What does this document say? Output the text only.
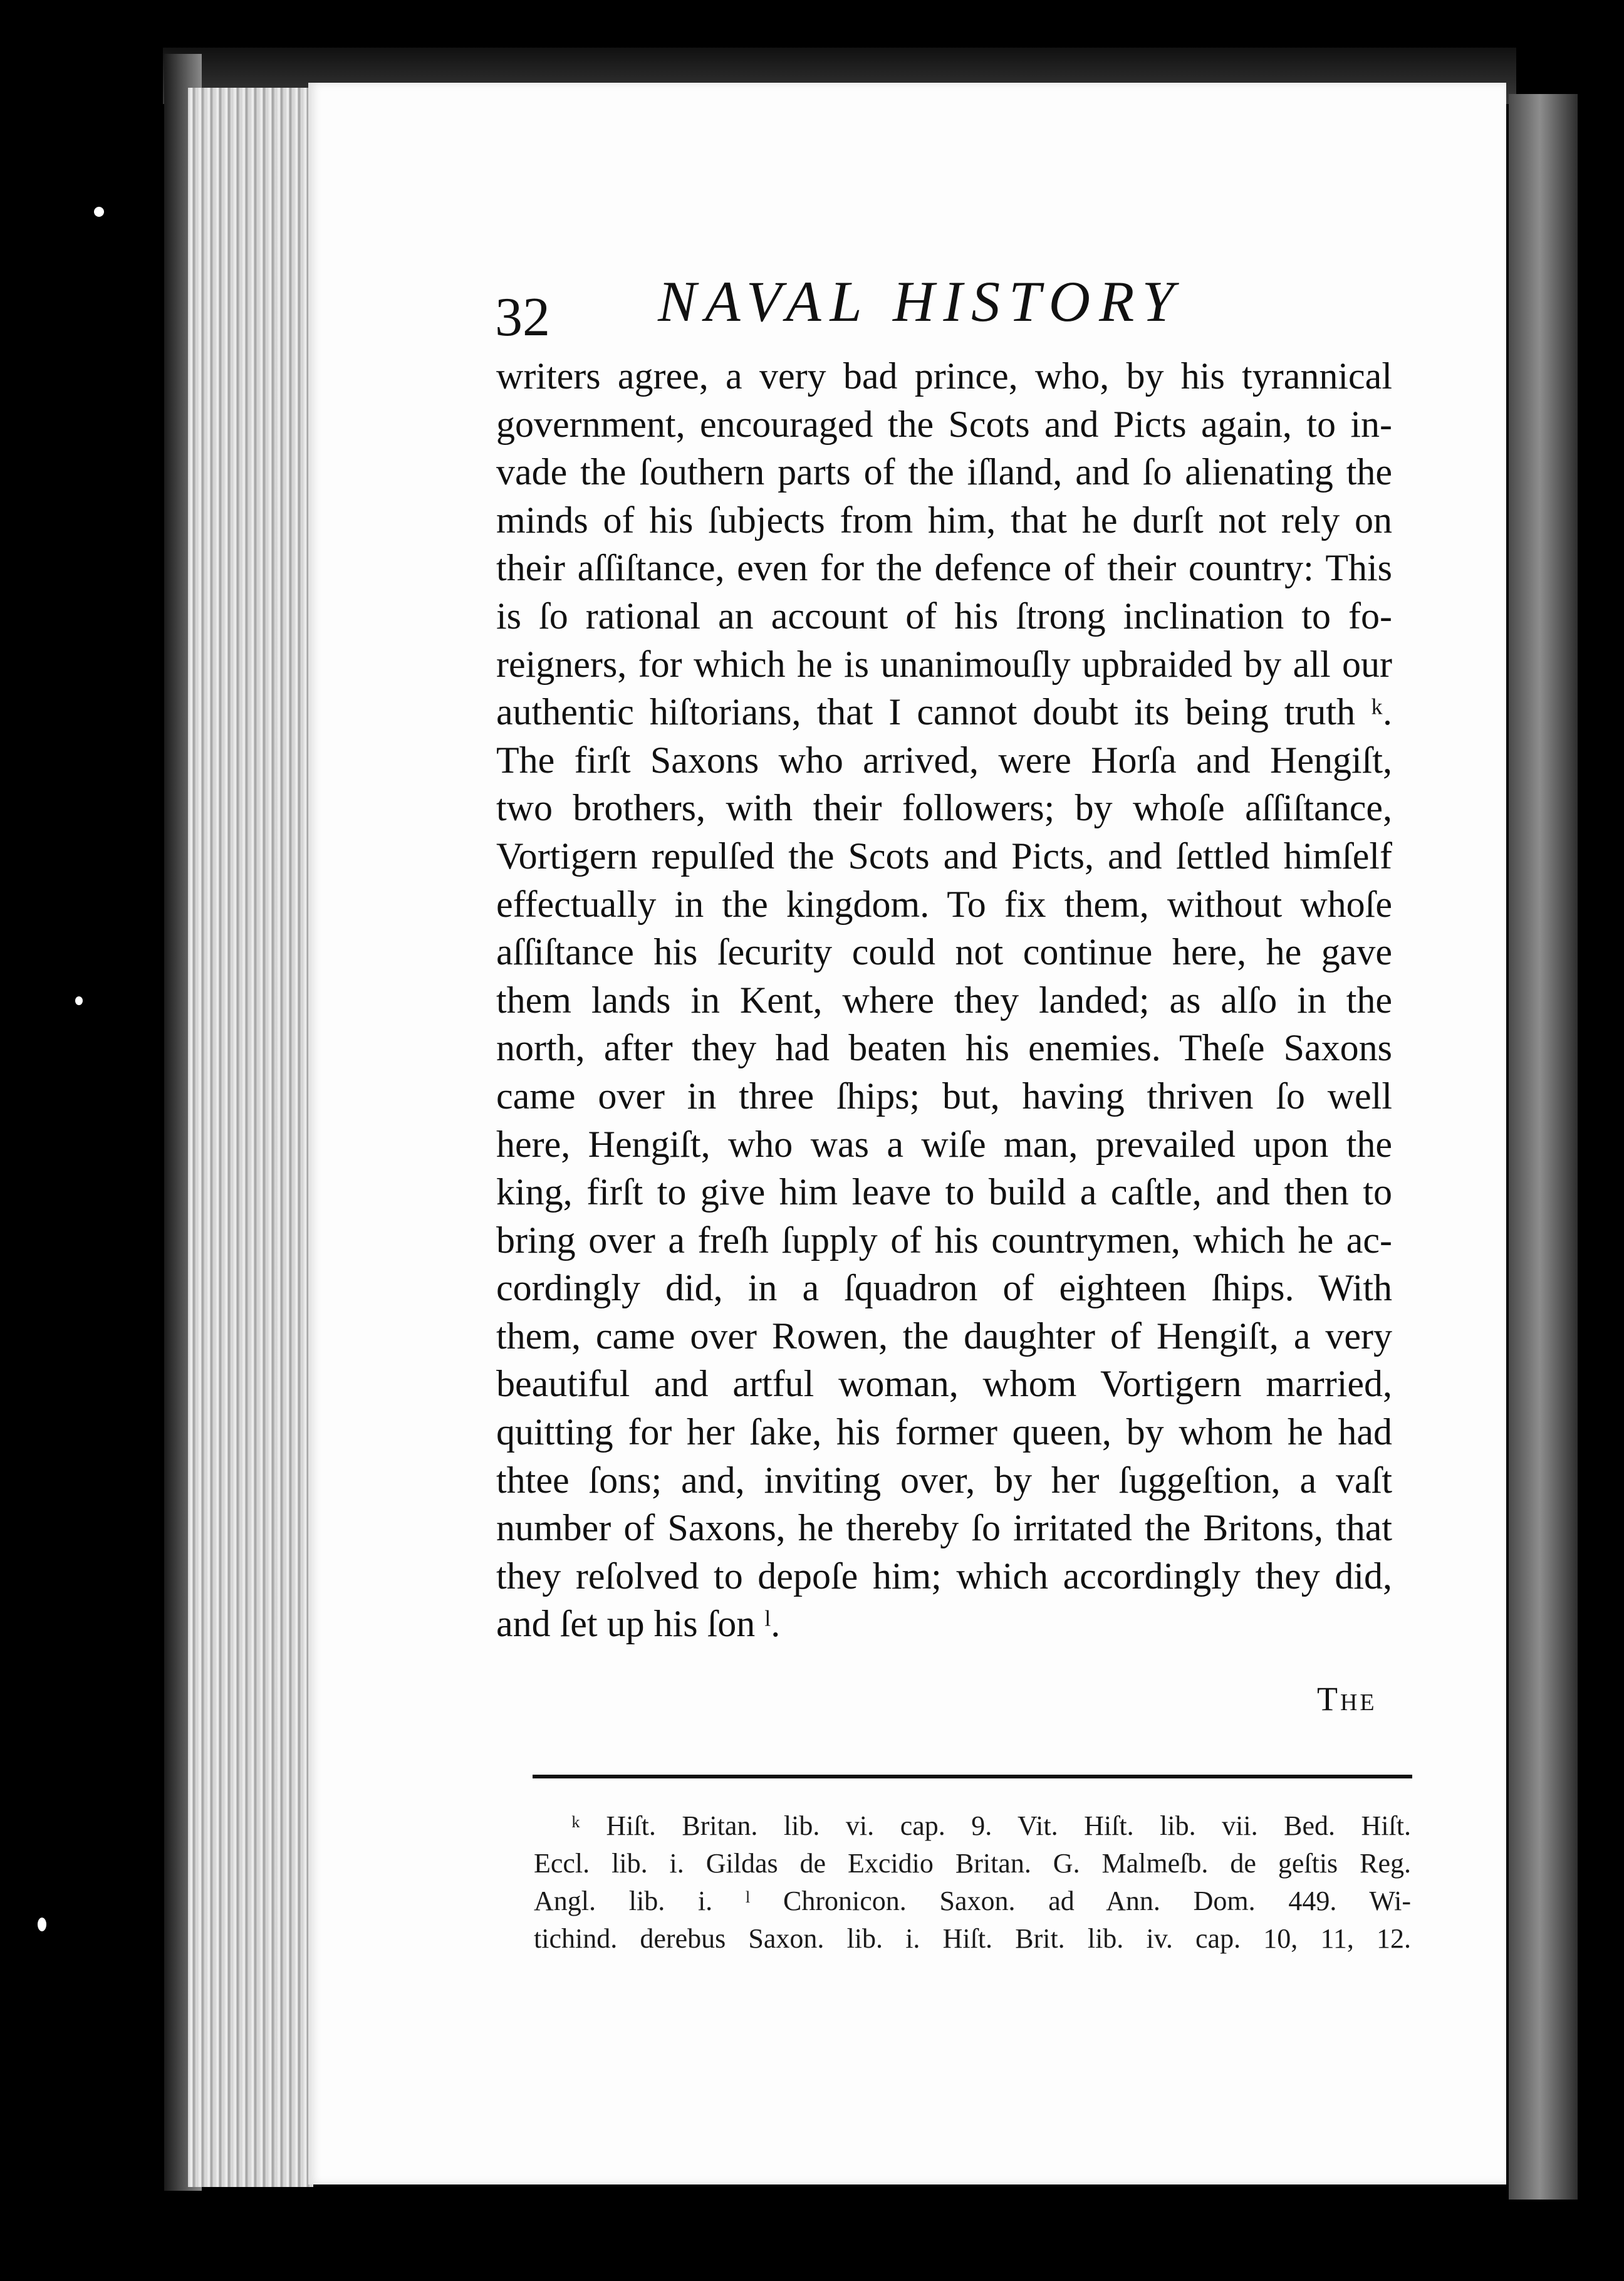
32 NAVAL HISTORY
writers agree, a very bad prince, who, by his tyrannical
government, encouraged the Scots and Picts again, to in-
vade the ſouthern parts of the iſland, and ſo alienating the
minds of his ſubjects from him, that he durſt not rely on
their aſſiſtance, even for the defence of their country: This
is ſo rational an account of his ſtrong inclination to fo-
reigners, for which he is unanimouſly upbraided by all our
authentic hiſtorians, that I cannot doubt its being truth ᵏ.
The firſt Saxons who arrived, were Horſa and Hengiſt,
two brothers, with their followers; by whoſe aſſiſtance,
Vortigern repulſed the Scots and Picts, and ſettled himſelf
effectually in the kingdom. To fix them, without whoſe
aſſiſtance his ſecurity could not continue here, he gave
them lands in Kent, where they landed; as alſo in the
north, after they had beaten his enemies. Theſe Saxons
came over in three ſhips; but, having thriven ſo well
here, Hengiſt, who was a wiſe man, prevailed upon the
king, firſt to give him leave to build a caſtle, and then to
bring over a freſh ſupply of his countrymen, which he ac-
cordingly did, in a ſquadron of eighteen ſhips. With
them, came over Rowen, the daughter of Hengiſt, a very
beautiful and artful woman, whom Vortigern married,
quitting for her ſake, his former queen, by whom he had
thtee ſons; and, inviting over, by her ſuggeſtion, a vaſt
number of Saxons, he thereby ſo irritated the Britons, that
they reſolved to depoſe him; which accordingly they did,
and ſet up his ſon ˡ.
The
ᵏ Hiſt. Britan. lib. vi. cap. 9. Vit. Hiſt. lib. vii. Bed. Hiſt.
Eccl. lib. i. Gildas de Excidio Britan. G. Malmeſb. de geſtis Reg.
Angl. lib. i. ˡ Chronicon. Saxon. ad Ann. Dom. 449. Wi-
tichind. derebus Saxon. lib. i. Hiſt. Brit. lib. iv. cap. 10, 11, 12.
